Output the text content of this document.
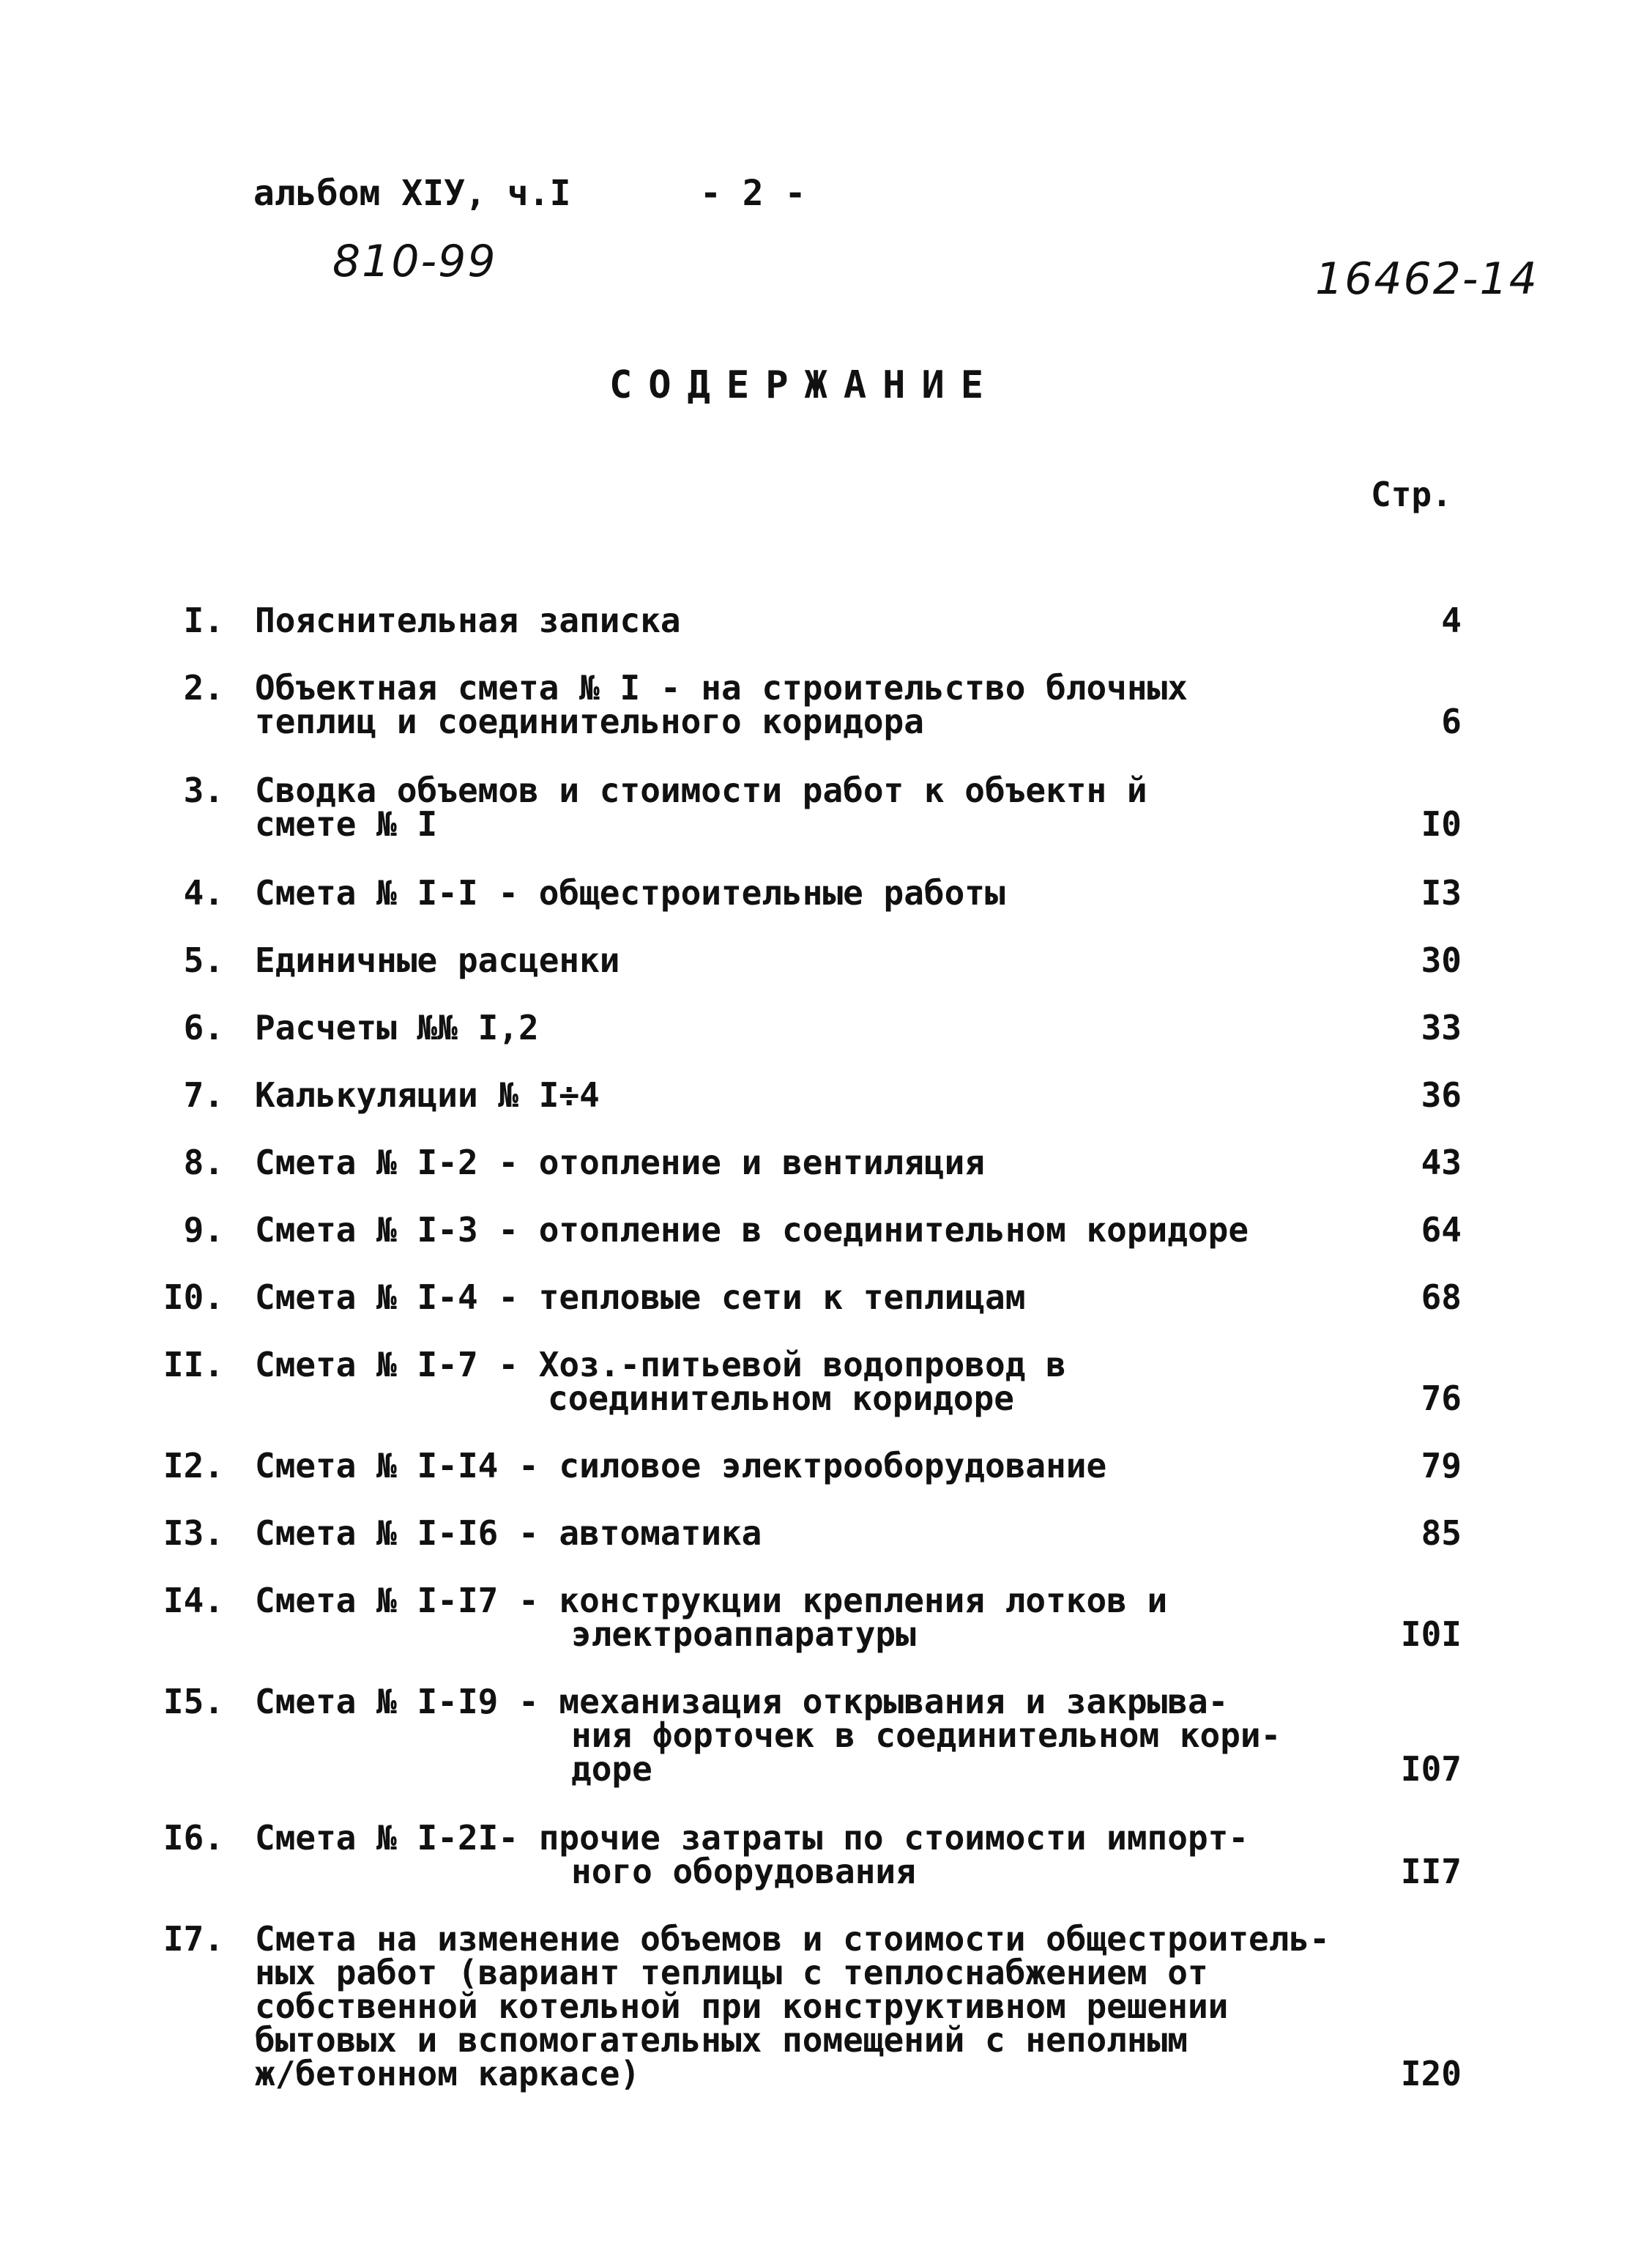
альбом XIУ, ч.I	- 2 -
810-99	16462-14
СОДЕРЖАНИЕ
Стр.
I. Пояснительная записка	4
2. Объектная смета № I - на строительство блочных
теплиц и соединительного коридора	6
3. Сводка объемов и стоимости работ к объектн й
смете № I	I0
4. Смета № I-I - общестроительные работы	I3
5. Единичные расценки	30
6. Расчеты №№ I,2	33
7. Калькуляции № I÷4	36
8. Смета № I-2 - отопление и вентиляция	43
9. Смета № I-3 - отопление в соединительном коридоре	64
I0. Смета № I-4 - тепловые сети к теплицам	68
II. Смета № I-7 - Хоз.-питьевой водопровод в
соединительном коридоре	76
I2. Смета № I-I4 - силовое электрооборудование	79
I3. Смета № I-I6 - автоматика	85
I4. Смета № I-I7 - конструкции крепления лотков и
электроаппаратуры	I0I
I5. Смета № I-I9 - механизация открывания и закрыва-
ния форточек в соединительном кори-
доре	I07
I6. Смета № I-2I- прочие затраты по стоимости импорт-
ного оборудования	II7
I7. Смета на изменение объемов и стоимости общестроитель-
ных работ (вариант теплицы с теплоснабжением от
собственной котельной при конструктивном решении
бытовых и вспомогательных помещений с неполным
ж/бетонном каркасе)	I20
